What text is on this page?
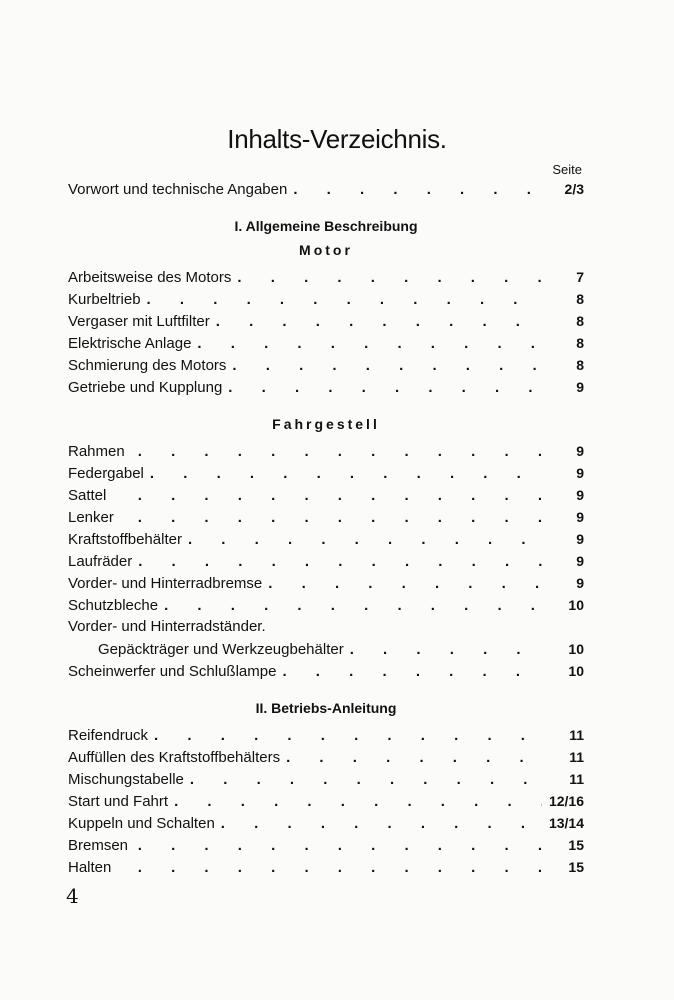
Inhalts-Verzeichnis.
Seite
Vorwort und technische Angaben .	2/3
I. Allgemeine Beschreibung
Motor
Arbeitsweise des Motors .	7
Kurbeltrieb .	8
Vergaser mit Luftfilter .	8
Elektrische Anlage .	8
Schmierung des Motors .	8
Getriebe und Kupplung .	9
Fahrgestell
Rahmen .	9
Federgabel .	9
Sattel .	9
Lenker .	9
Kraftstoffbehälter .	9
Laufräder .	9
Vorder- und Hinterradbremse .	9
Schutzbleche .	10
Vorder- und Hinterradständer.
Gepäckträger und Werkzeugbehälter .	10
Scheinwerfer und Schlußlampe .	10
II. Betriebs-Anleitung
Reifendruck .	11
Auffüllen des Kraftstoffbehälters .	11
Mischungstabelle .	11
Start und Fahrt .	12/16
Kuppeln und Schalten .	13/14
Bremsen .	15
Halten .	15
4
